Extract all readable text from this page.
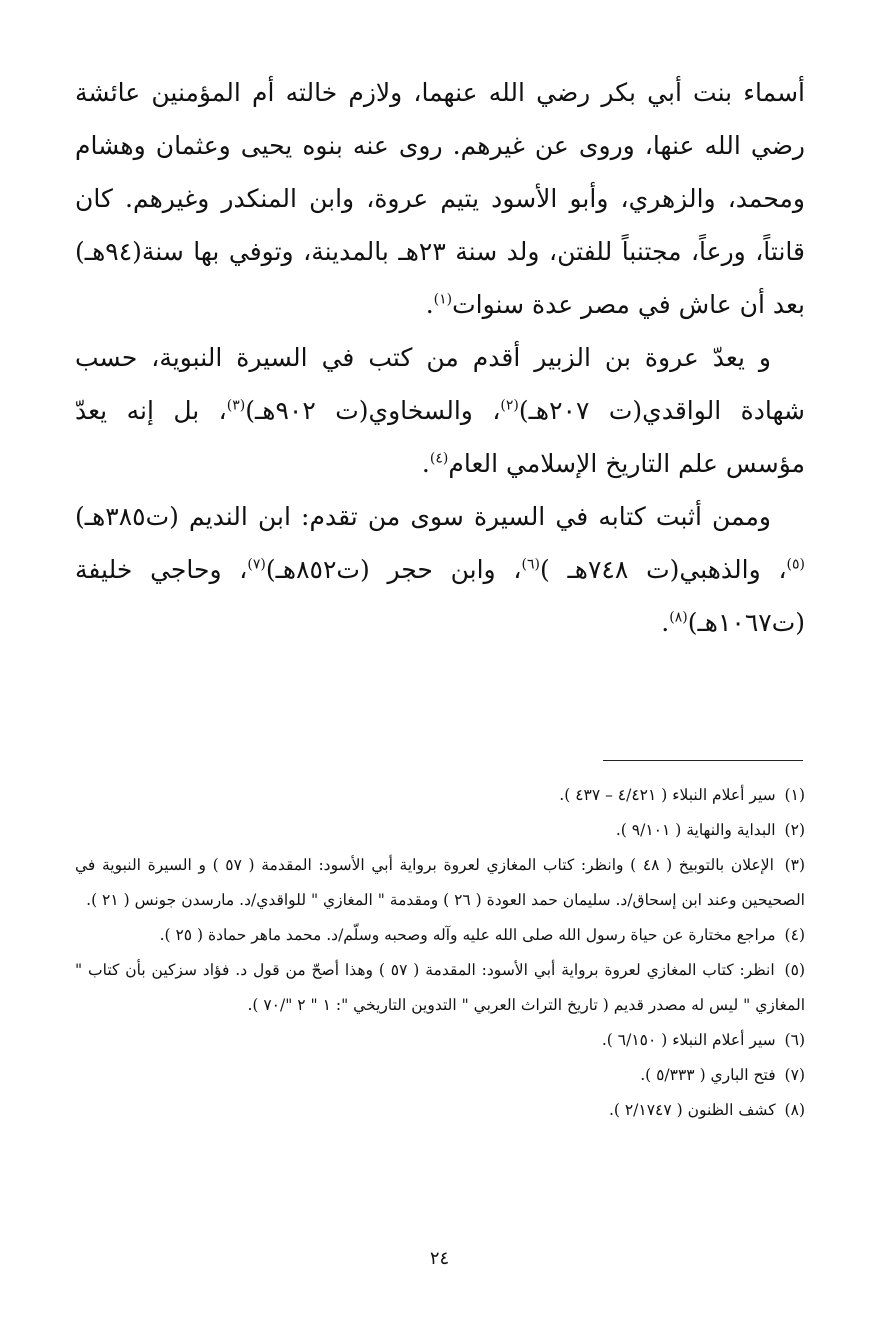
أسماء بنت أبي بكر رضي الله عنهما، ولازم خالته أم المؤمنين عائشة رضي الله عنها، وروى عن غيرهم. روى عنه بنوه يحيى وعثمان وهشام ومحمد، والزهري، وأبو الأسود يتيم عروة، وابن المنكدر وغيرهم. كان قانتاً، ورعاً، مجتنباً للفتن، ولد سنة ٢٣هـ بالمدينة، وتوفي بها سنة(٩٤هـ) بعد أن عاش في مصر عدة سنوات$^{(١)}$.

و يعدّ عروة بن الزبير أقدم من كتب في السيرة النبوية، حسب شهادة الواقدي(ت ٢٠٧هـ)$^{(٢)}$، والسخاوي(ت ٩٠٢هـ)$^{(٣)}$، بل إنه يعدّ مؤسس علم التاريخ الإسلامي العام$^{(٤)}$.

وممن أثبت كتابه في السيرة سوى من تقدم: ابن النديم (ت٣٨٥هـ)$^{(٥)}$، والذهبي(ت ٧٤٨هـ )$^{(٦)}$، وابن حجر (ت٨٥٢هـ)$^{(٧)}$، وحاجي خليفة (ت١٠٦٧هـ)$^{(٨)}$.

(١) سير أعلام النبلاء ( ٤/٤٢١ – ٤٣٧ ).
(٢) البداية والنهاية ( ٩/١٠١ ).
(٣) الإعلان بالتوبيخ ( ٤٨ ) وانظر: كتاب المغازي لعروة برواية أبي الأسود: المقدمة ( ٥٧ ) و السيرة النبوية في الصحيحين وعند ابن إسحاق/د. سليمان حمد العودة ( ٢٦ ) ومقدمة " المغازي " للواقدي/د. مارسدن جونس ( ٢١ ).
(٤) مراجع مختارة عن حياة رسول الله صلى الله عليه وآله وصحبه وسلّم/د. محمد ماهر حمادة ( ٢٥ ).
(٥) انظر: كتاب المغازي لعروة برواية أبي الأسود: المقدمة ( ٥٧ ) وهذا أصحّ من قول د. فؤاد سزكين بأن كتاب " المغازي " ليس له مصدر قديم ( تاريخ التراث العربي " التدوين التاريخي ": ١ " ٢ "/٧٠ ).
(٦) سير أعلام النبلاء ( ٦/١٥٠ ).
(٧) فتح الباري ( ٥/٣٣٣ ).
(٨) كشف الظنون ( ٢/١٧٤٧ ).
٢٤
